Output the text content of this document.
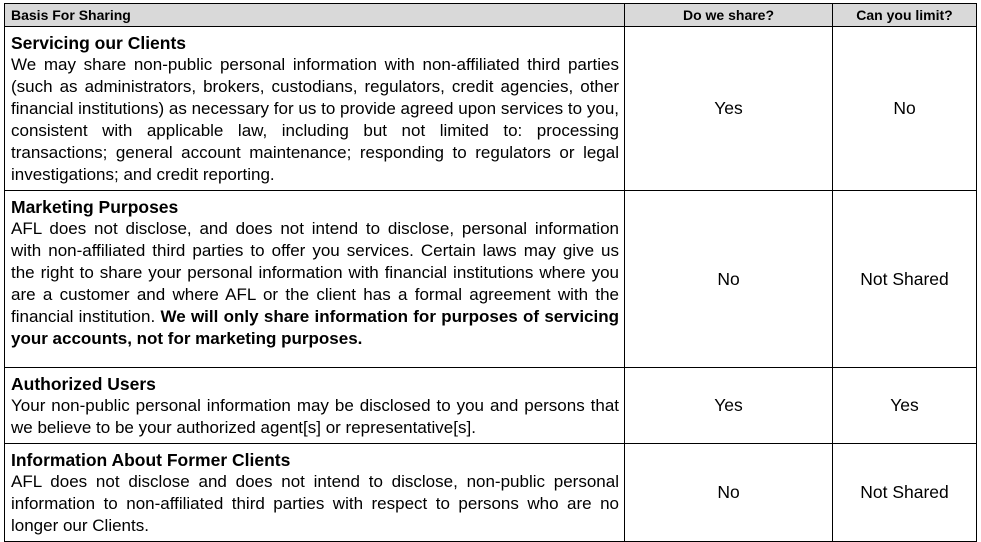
Basis For Sharing	Do we share?	Can you limit?

Servicing our Clients
We may share non-public personal information with non-affiliated third parties (such as administrators, brokers, custodians, regulators, credit agencies, other financial institutions) as necessary for us to provide agreed upon services to you, consistent with applicable law, including but not limited to: processing transactions; general account maintenance; responding to regulators or legal investigations; and credit reporting.	Yes	No

Marketing Purposes
AFL does not disclose, and does not intend to disclose, personal information with non-affiliated third parties to offer you services. Certain laws may give us the right to share your personal information with financial institutions where you are a customer and where AFL or the client has a formal agreement with the financial institution. We will only share information for purposes of servicing your accounts, not for marketing purposes.	No	Not Shared

Authorized Users
Your non-public personal information may be disclosed to you and persons that we believe to be your authorized agent[s] or representative[s].	Yes	Yes

Information About Former Clients
AFL does not disclose and does not intend to disclose, non-public personal information to non-affiliated third parties with respect to persons who are no longer our Clients.	No	Not Shared
